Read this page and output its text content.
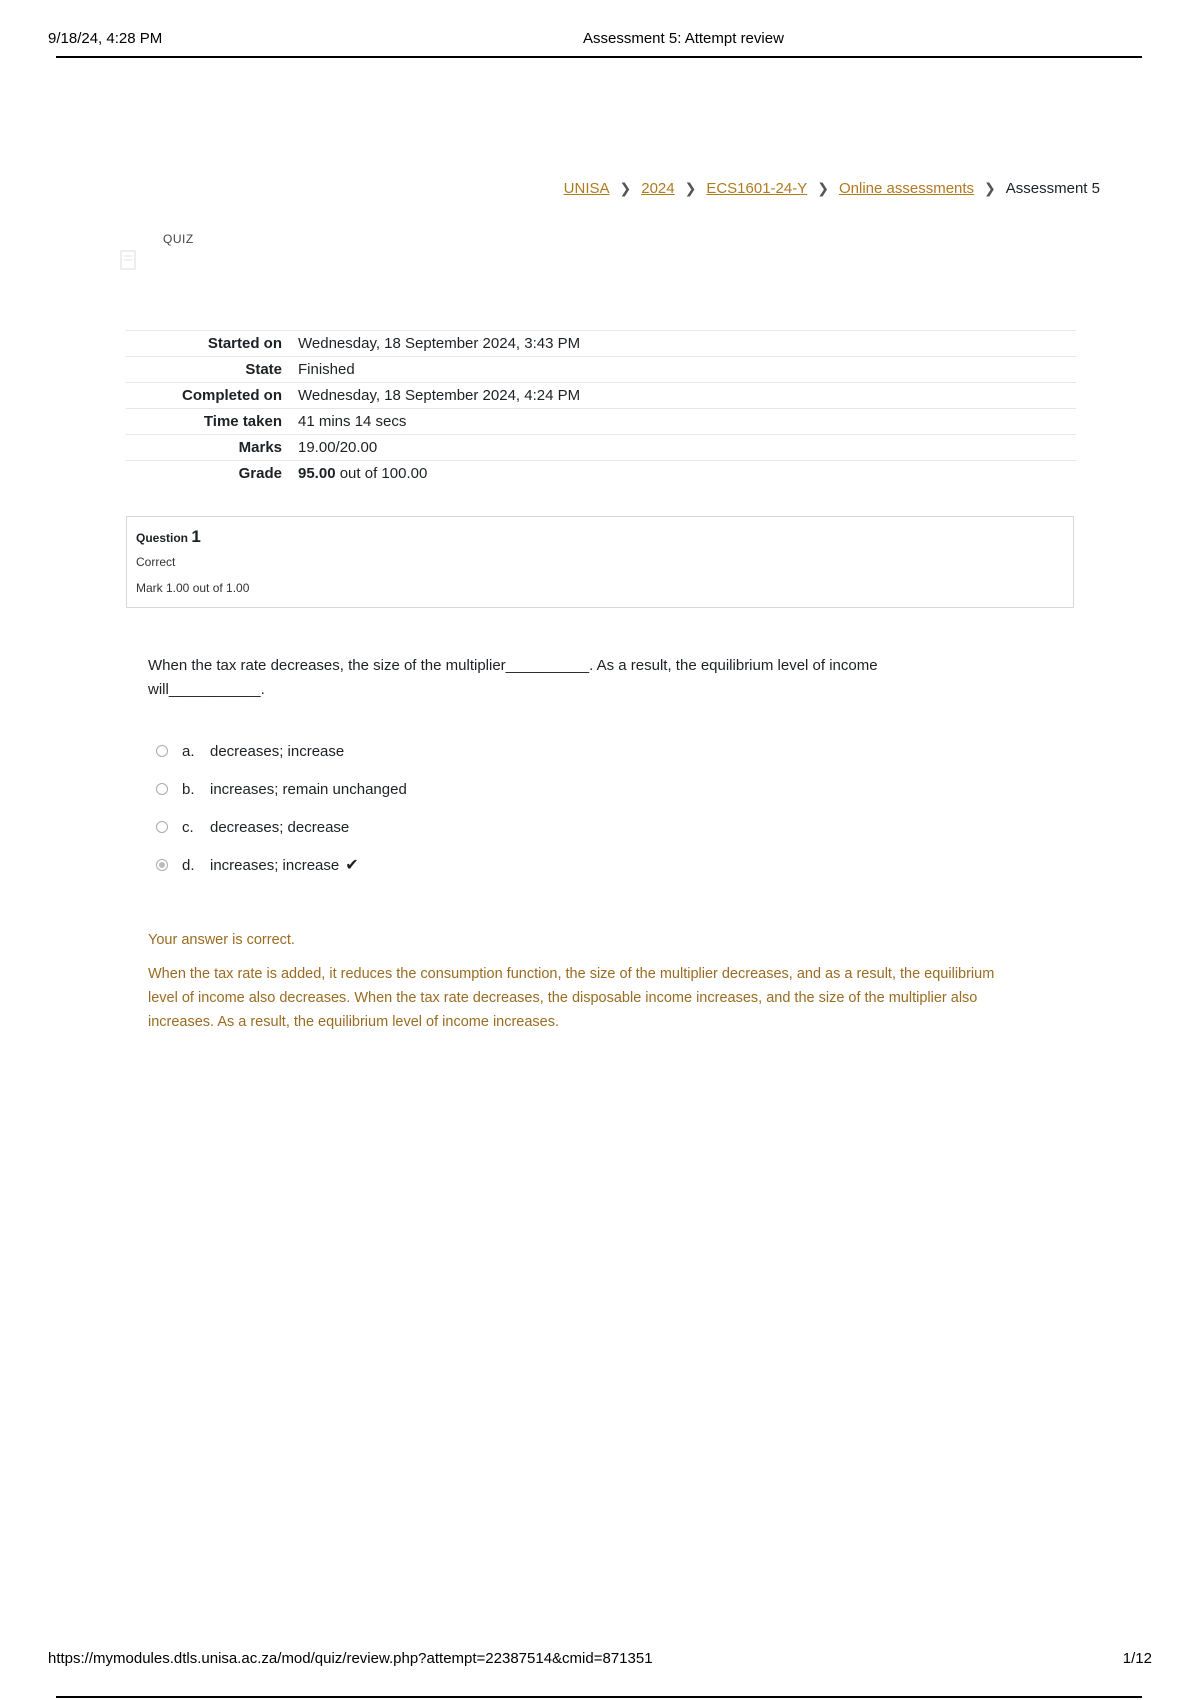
9/18/24, 4:28 PM	Assessment 5: Attempt review
UNISA ❯ 2024 ❯ ECS1601-24-Y ❯ Online assessments ❯ Assessment 5
QUIZ
Started on	Wednesday, 18 September 2024, 3:43 PM
State	Finished
Completed on	Wednesday, 18 September 2024, 4:24 PM
Time taken	41 mins 14 secs
Marks	19.00/20.00
Grade	95.00 out of 100.00
Question 1
Correct
Mark 1.00 out of 1.00
When the tax rate decreases, the size of the multiplier__________. As a result, the equilibrium level of income
will___________.
a.	decreases; increase
b.	increases; remain unchanged
c.	decreases; decrease
d.	increases; increase ✔

Your answer is correct.

When the tax rate is added, it reduces the consumption function, the size of the multiplier decreases, and as a result, the equilibrium level of income also decreases. When the tax rate decreases, the disposable income increases, and the size of the multiplier also increases. As a result, the equilibrium level of income increases.

https://mymodules.dtls.unisa.ac.za/mod/quiz/review.php?attempt=22387514&cmid=871351	1/12
